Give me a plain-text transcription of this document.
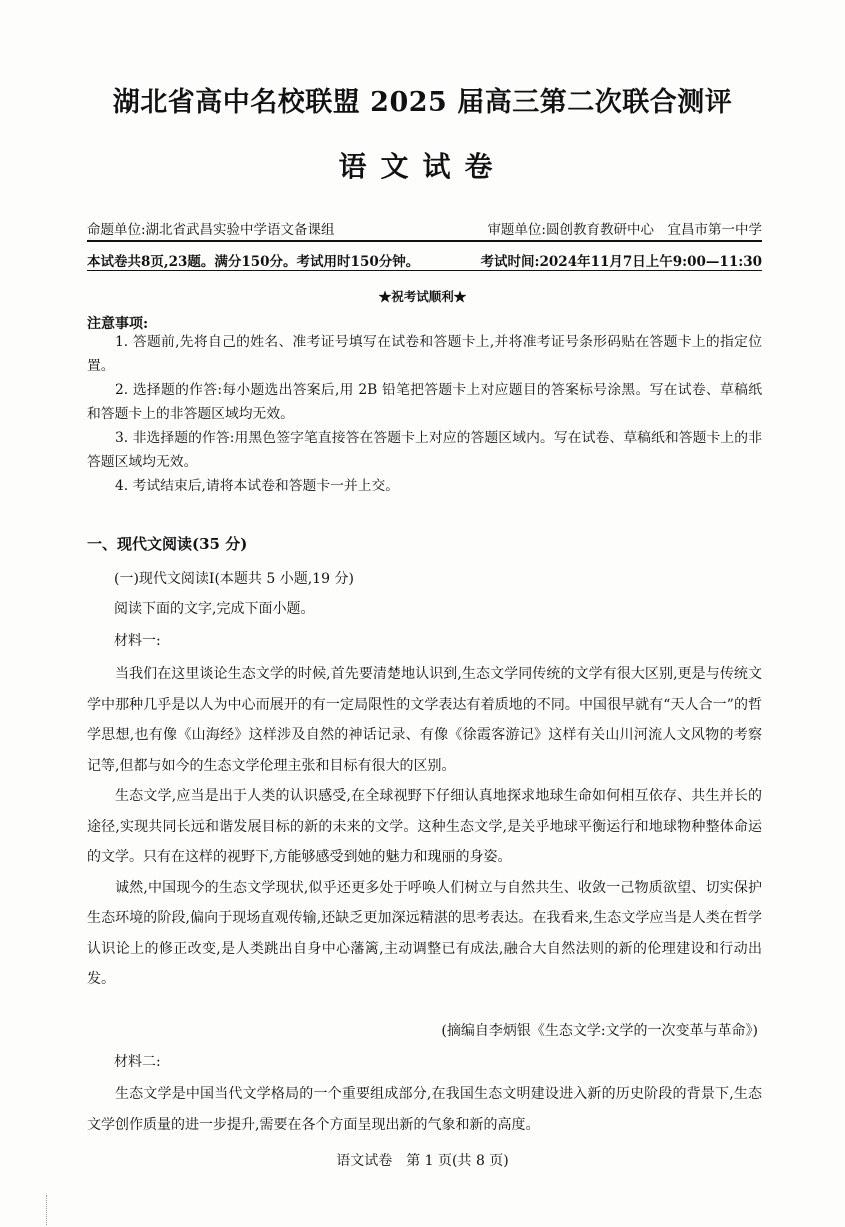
湖北省高中名校联盟 2025 届高三第二次联合测评
语文试卷
命题单位:湖北省武昌实验中学语文备课组	审题单位:圆创教育教研中心　宜昌市第一中学
本试卷共8页,23题。满分150分。考试用时150分钟。	考试时间:2024年11月7日上午9:00—11:30
★祝考试顺利★
注意事项:

1. 答题前,先将自己的姓名、准考证号填写在试卷和答题卡上,并将准考证号条形码贴在答题卡上的指定位置。

2. 选择题的作答:每小题选出答案后,用 2B 铅笔把答题卡上对应题目的答案标号涂黑。写在试卷、草稿纸和答题卡上的非答题区域均无效。

3. 非选择题的作答:用黑色签字笔直接答在答题卡上对应的答题区域内。写在试卷、草稿纸和答题卡上的非答题区域均无效。

4. 考试结束后,请将本试卷和答题卡一并上交。

一、现代文阅读(35 分)
(一)现代文阅读Ⅰ(本题共 5 小题,19 分)
阅读下面的文字,完成下面小题。
材料一:

当我们在这里谈论生态文学的时候,首先要清楚地认识到,生态文学同传统的文学有很大区别,更是与传统文学中那种几乎是以人为中心而展开的有一定局限性的文学表达有着质地的不同。中国很早就有“天人合一”的哲学思想,也有像《山海经》这样涉及自然的神话记录、有像《徐霞客游记》这样有关山川河流人文风物的考察记等,但都与如今的生态文学伦理主张和目标有很大的区别。

生态文学,应当是出于人类的认识感受,在全球视野下仔细认真地探求地球生命如何相互依存、共生并长的途径,实现共同长远和谐发展目标的新的未来的文学。这种生态文学,是关乎地球平衡运行和地球物种整体命运的文学。只有在这样的视野下,方能够感受到她的魅力和瑰丽的身姿。

诚然,中国现今的生态文学现状,似乎还更多处于呼唤人们树立与自然共生、收敛一己物质欲望、切实保护生态环境的阶段,偏向于现场直观传输,还缺乏更加深远精湛的思考表达。在我看来,生态文学应当是人类在哲学认识论上的修正改变,是人类跳出自身中心藩篱,主动调整已有成法,融合大自然法则的新的伦理建设和行动出发。

(摘编自李炳银《生态文学:文学的一次变革与革命》)
材料二:

生态文学是中国当代文学格局的一个重要组成部分,在我国生态文明建设进入新的历史阶段的背景下,生态文学创作质量的进一步提升,需要在各个方面呈现出新的气象和新的高度。

语文试卷　第 1 页(共 8 页)
